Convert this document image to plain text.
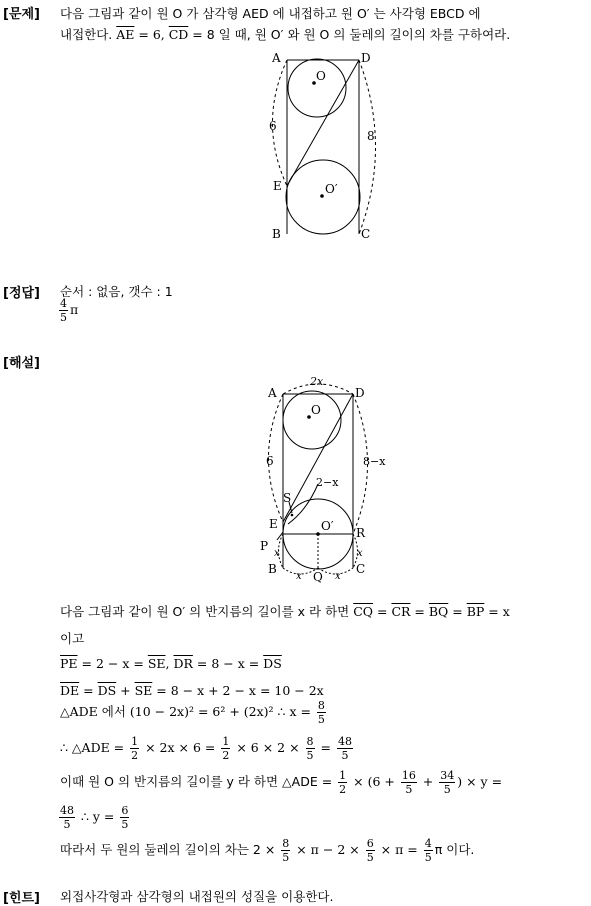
[문제] 다음 그림과 같이 원 O 가 삼각형 AED 에 내접하고 원 O′ 는 사각형 EBCD 에
내접한다. $\overline{AE} = 6$, $\overline{CD} = 8$ 일 때, 원 O′ 와 원 O 의 둘레의 길이의 차를 구하여라.
A	D
O
6
8
E	O′
B	C
[정답] 순서 : 없음, 갯수 : 1
$\frac{4}{5}$ π
[해설]
2x
A	D
O
6	8−x
2−x
S
E	O′ R
P
x	x
B
x Q x
C
다음 그림과 같이 원 O′ 의 반지름의 길이를 x 라 하면 $\overline{CQ} = \overline{CR} = \overline{BQ} = \overline{BP} = x$
이고
$\overline{PE} = 2 - x = \overline{SE}$, $\overline{DR} = 8 - x = \overline{DS}$
$\overline{DE} = \overline{DS} + \overline{SE} = 8 - x + 2 - x = 10 - 2x$
△ADE 에서 (10 − 2x)² = 6² + (2x)² ∴ $x = \frac{8}{5}$
∴ △ADE = $\frac{1}{2} \times 2x \times 6 = \frac{1}{2} \times 6 \times 2 \times \frac{8}{5} = \frac{48}{5}$
이때 원 O 의 반지름의 길이를 y 라 하면 △ADE = $\frac{1}{2} \times (6 + \frac{16}{5} + \frac{34}{5}$ ) × y =
$\frac{48}{5}$ ∴ $y = \frac{6}{5}$
따라서 두 원의 둘레의 길이의 차는 $2 \times \frac{8}{5} \times \pi - 2 \times \frac{6}{5} \times \pi = \frac{4}{5}$ π 이다.
[힌트] 외접사각형과 삼각형의 내접원의 성질을 이용한다.
